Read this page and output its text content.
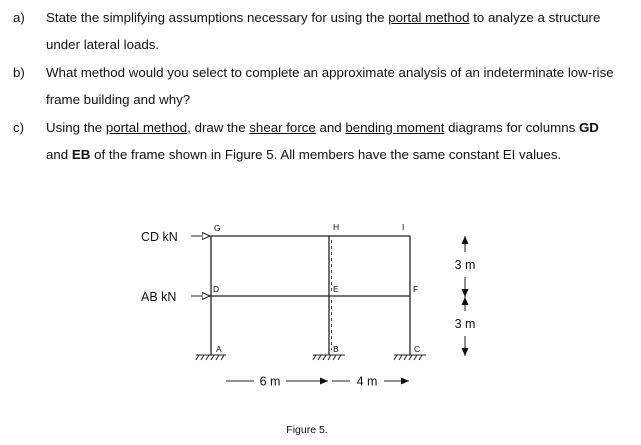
a) State the simplifying assumptions necessary for using the portal method to analyze a structure
under lateral loads.
b) What method would you select to complete an approximate analysis of an indeterminate low-rise
frame building and why?
c) Using the portal method, draw the shear force and bending moment diagrams for columns GD
and EB of the frame shown in Figure 5. All members have the same constant EI values.
CD kN
AB kN
G	H	I
D	E	F
A	B	C
6 m	4 m
3 m
3 m
Figure 5.
